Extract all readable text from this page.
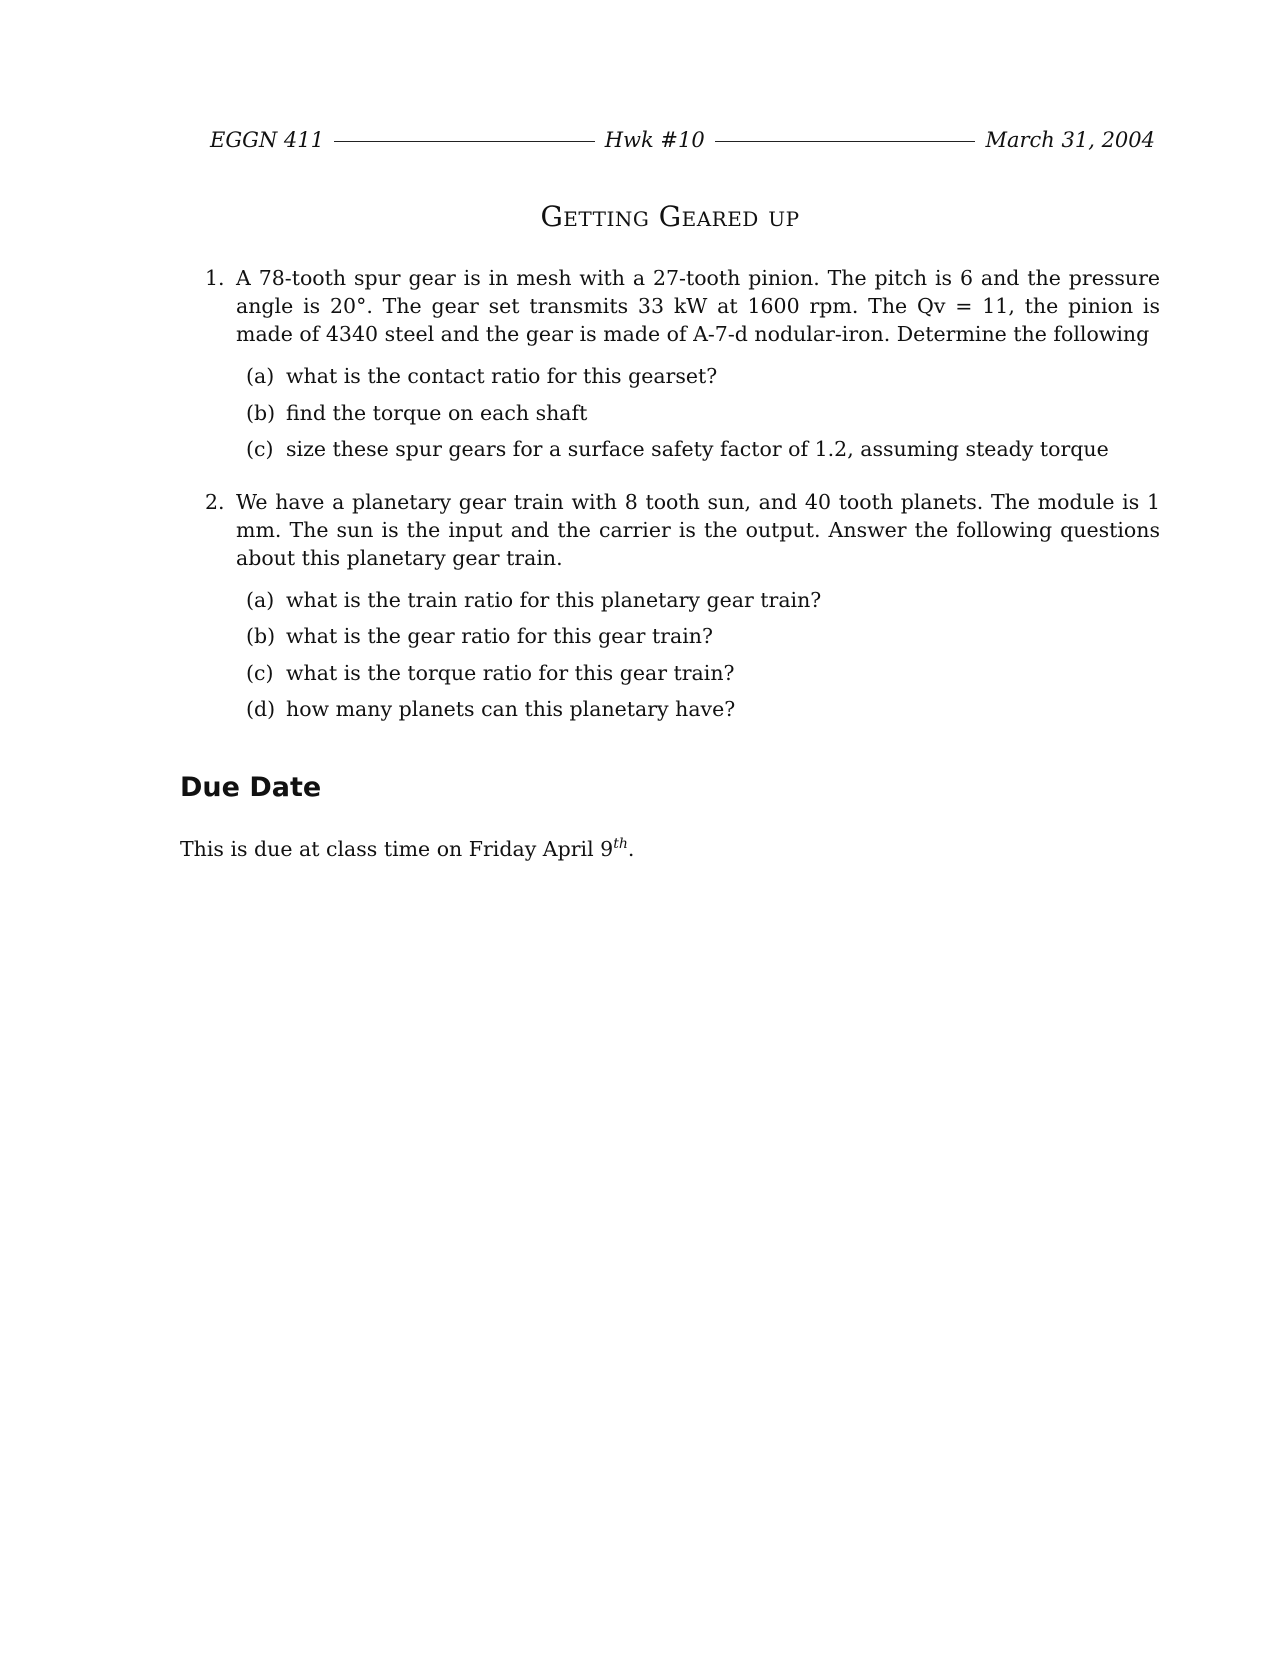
EGGN 411	Hwk #10	March 31, 2004
Getting Geared up
1. A 78-tooth spur gear is in mesh with a 27-tooth pinion. The pitch is 6 and the pressure angle is 20°. The gear set transmits 33 kW at 1600 rpm. The Qv = 11, the pinion is made of 4340 steel and the gear is made of A-7-d nodular-iron. Determine the following
(a) what is the contact ratio for this gearset?
(b) find the torque on each shaft
(c) size these spur gears for a surface safety factor of 1.2, assuming steady torque
2. We have a planetary gear train with 8 tooth sun, and 40 tooth planets. The module is 1 mm. The sun is the input and the carrier is the output. Answer the following questions about this planetary gear train.
(a) what is the train ratio for this planetary gear train?
(b) what is the gear ratio for this gear train?
(c) what is the torque ratio for this gear train?
(d) how many planets can this planetary have?
Due Date
This is due at class time on Friday April 9th.
